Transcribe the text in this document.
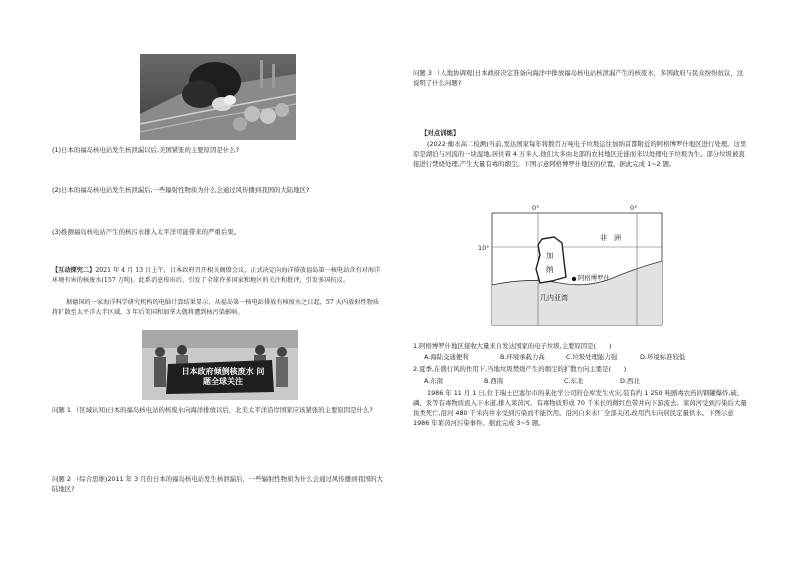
(1)日本的福岛核电站发生核泄漏以后,美国紧张的主要原因是什么?
(2)日本的福岛核电站发生核泄漏后,一些辐射性物质为什么会通过风传播到我国的大陆地区?
(3)推测福岛核电站产生的核污水排入太平洋可能带来的严重后果。
【互动探究二】2021 年 4 月 13 日上午，日本政府召开相关阁僚会议，正式决定向海洋排放福岛第一核电站含有对海洋环境有害的核废水(157 万吨)。此系消息传出后，引发了全球许多国家和地区的关注和批评，引发多国抗议。
据德国的一家海洋科学研究机构的电脑计算结果显示，从福岛第一核电站排放有核废水之日起，57 天内放射性物质将扩散至太平洋大半区域，3 年后美国和加拿大就将遭到核污染影响。
日本政府倾倒核废水 问题全球关注
问题 1 （区域认知)日本的福岛核电站的核废水向海洋排放以后，北美太平洋沿岸国家应该紧张的主要原因是什么?
问题 2 （综合思维)2011 年 3 月份日本的福岛核电站发生核泄漏后，一些辐射性物质为什么会通过风传播到我国的大陆地区?
问题 3 （人地协调观)日本政府决定准备向海洋中排放福岛核电站核泄漏产生的核废水，多国政府与民众纷纷抗议，这说明了什么问题?
【对点训练】
(2022·衡水高二检测)当前,发达国家每年将数百万吨电子垃圾运往加纳首都附近的阿格博罗什地区进行处理。这里原是湖泊与河流的一块湿地,居住着 4 万多人,他们大多由北部的农村地区迁徙而来以处理电子垃圾为生。部分垃圾被直接进行焚烧处理,产生大量有毒的烟尘。下图示意阿格博罗什地区的位置。据此完成 1~2 题。
0°	0°
10°
非　洲
加
纳
阿格博罗什
几内亚湾
1.阿格博罗什地区接收大量来自发达国家的电子垃圾,主要原因是(　　)
A.海陆交通便利	B.环境承载力高	C.垃圾处理能力强	D.环境标准较低
2.夏季,在盛行风的作用下,当地垃圾焚烧产生的烟尘的扩散方向主要是(　　)
A.东南	B.西南	C.东北	D.西北
1986 年 11 月 1 日,位于瑞士巴塞尔市的某化学公司的仓库发生火灾,装有约 1 250 吨剧毒农药的钢罐爆炸,硫、磷、汞等有毒物质流入下水道,排入莱茵河。有毒物质形成 70 千米长的微红色带并向下游流去。莱茵河受到污染后大量鱼类死亡,沿河 480 千米内井水受到污染而不能饮用。沿河自来水厂全部关闭,改用汽车向居民定量供水。下图示意1986 年莱茵河污染事件。据此完成 3~5 题。
